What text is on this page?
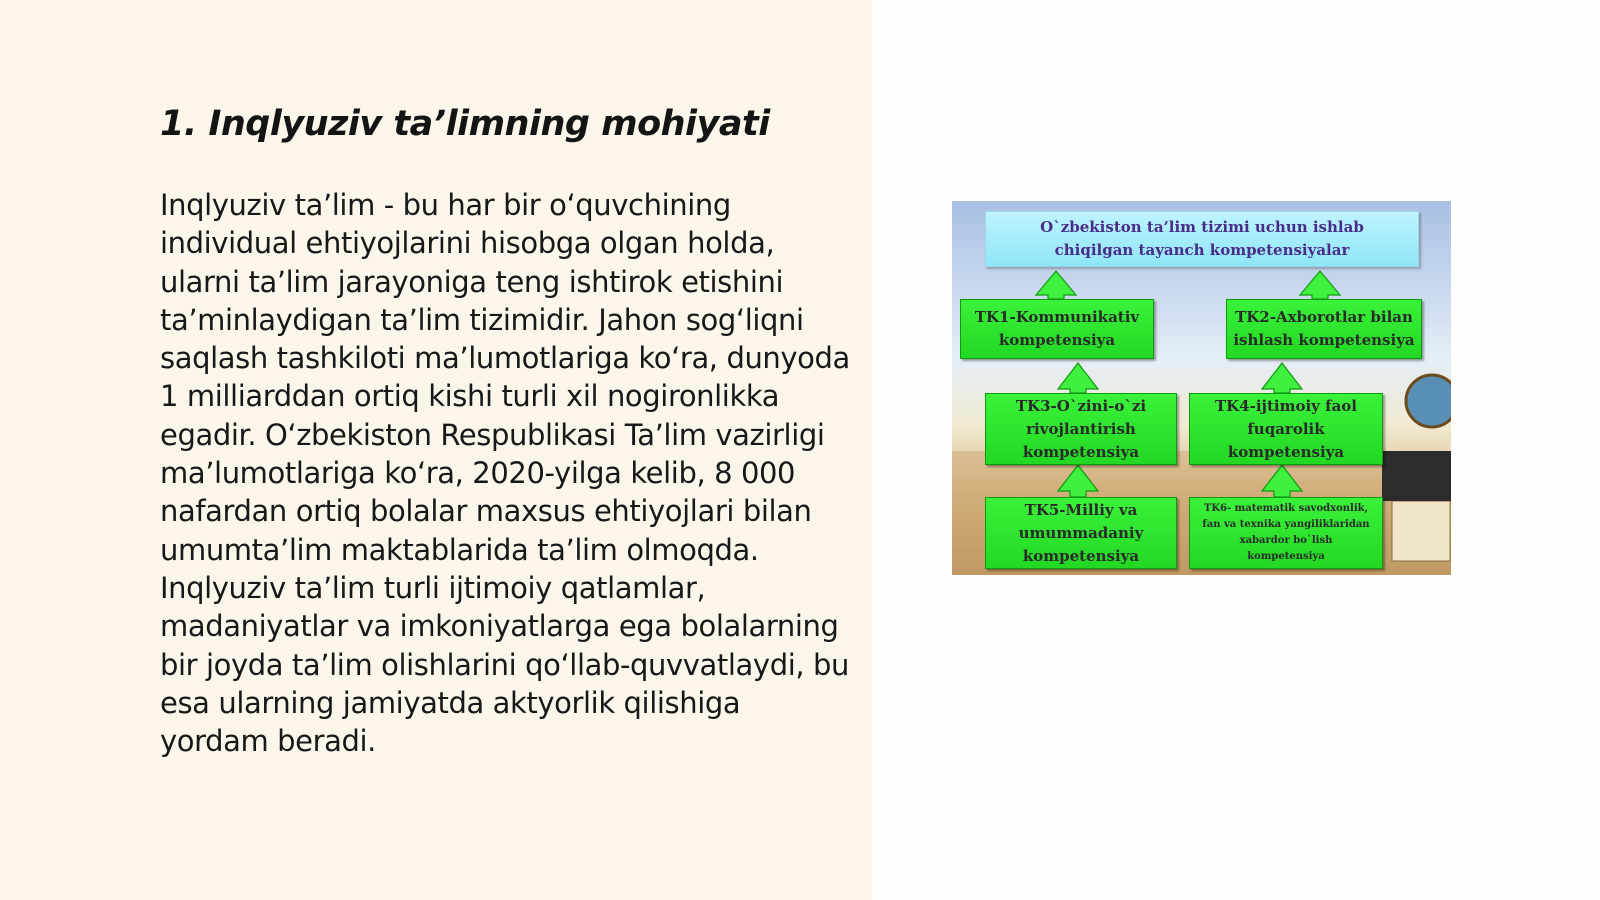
1. Inqlyuziv ta’limning mohiyati

Inqlyuziv ta’lim - bu har bir o‘quvchining individual ehtiyojlarini hisobga olgan holda, ularni ta’lim jarayoniga teng ishtirok etishini ta’minlaydigan ta’lim tizimidir. Jahon sog‘liqni saqlash tashkiloti ma’lumotlariga ko‘ra, dunyoda 1 milliarddan ortiq kishi turli xil nogironlikka egadir. O‘zbekiston Respublikasi Ta’lim vazirligi ma’lumotlariga ko‘ra, 2020-yilga kelib, 8 000 nafardan ortiq bolalar maxsus ehtiyojlari bilan umumta’lim maktablarida ta’lim olmoqda. Inqlyuziv ta’lim turli ijtimoiy qatlamlar, madaniyatlar va imkoniyatlarga ega bolalarning bir joyda ta’lim olishlarini qo‘llab-quvvatlaydi, bu esa ularning jamiyatda aktyorlik qilishiga yordam beradi.

O`zbekiston ta’lim tizimi uchun ishlab
chiqilgan tayanch kompetensiyalar
TK1-Kommunikativ
kompetensiya
TK2-Axborotlar bilan
ishlash kompetensiya
TK3-O`zini-o`zi
rivojlantirish
kompetensiya
TK4-ijtimoiy faol
fuqarolik
kompetensiya
TK5-Milliy va
umummadaniy
kompetensiya
TK6- matematik savodxonlik,
fan va texnika yangiliklaridan
xabardor bo`lish
kompetensiya
